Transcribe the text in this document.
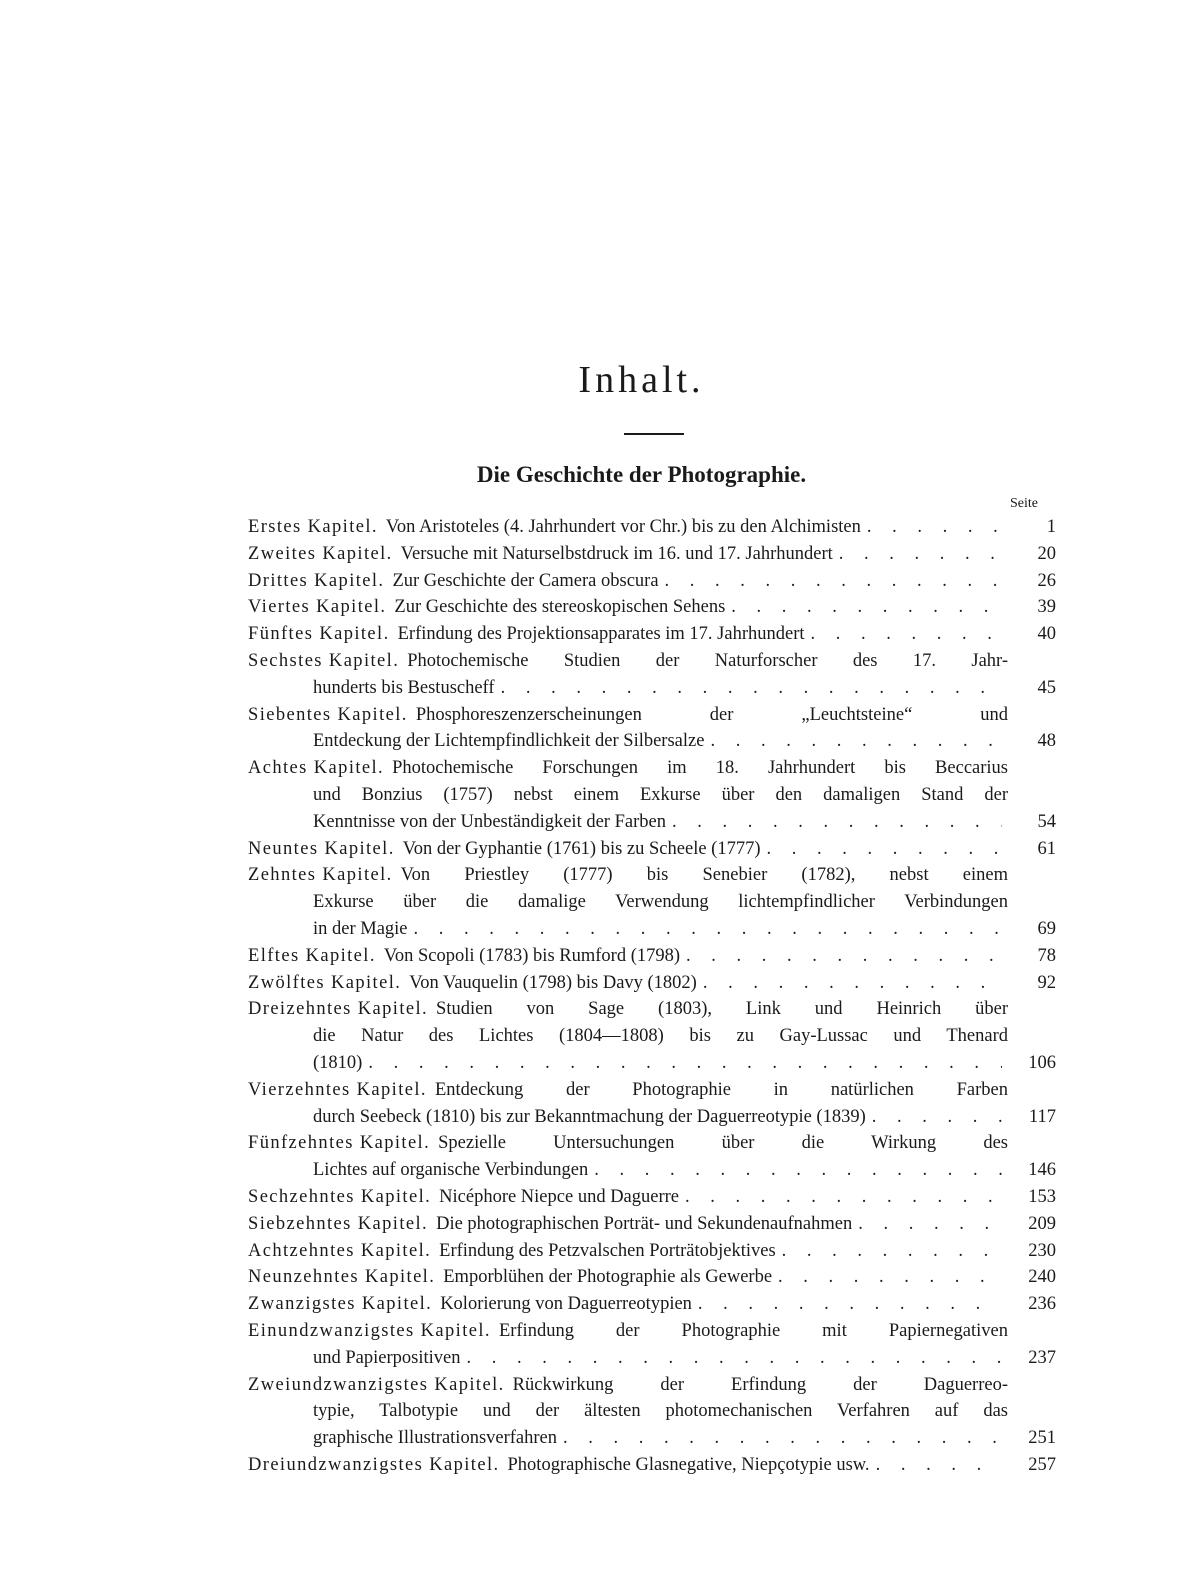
Inhalt.
Die Geschichte der Photographie.
Seite
Erstes Kapitel. Von Aristoteles (4. Jahrhundert vor Chr.) bis zu den Alchimisten . . .	1
Zweites Kapitel. Versuche mit Naturselbstdruck im 16. und 17. Jahrhundert . . .	20
Drittes Kapitel. Zur Geschichte der Camera obscura . . .	26
Viertes Kapitel. Zur Geschichte des stereoskopischen Sehens . . .	39
Fünftes Kapitel. Erfindung des Projektionsapparates im 17. Jahrhundert . . .	40
Sechstes Kapitel. Photochemische Studien der Naturforscher des 17. Jahr-
hunderts bis Bestuscheff . . .	45
Siebentes Kapitel. Phosphoreszenzerscheinungen der „Leuchtsteine“ und
Entdeckung der Lichtempfindlichkeit der Silbersalze . . .	48
Achtes Kapitel. Photochemische Forschungen im 18. Jahrhundert bis Beccarius
und Bonzius (1757) nebst einem Exkurse über den damaligen Stand der
Kenntnisse von der Unbeständigkeit der Farben . . .	54
Neuntes Kapitel. Von der Gyphantie (1761) bis zu Scheele (1777) . . .	61
Zehntes Kapitel. Von Priestley (1777) bis Senebier (1782), nebst einem
Exkurse über die damalige Verwendung lichtempfindlicher Verbindungen
in der Magie . . .	69
Elftes Kapitel. Von Scopoli (1783) bis Rumford (1798) . . .	78
Zwölftes Kapitel. Von Vauquelin (1798) bis Davy (1802) . . .	92
Dreizehntes Kapitel. Studien von Sage (1803), Link und Heinrich über
die Natur des Lichtes (1804—1808) bis zu Gay-Lussac und Thenard
(1810) . . .	106
Vierzehntes Kapitel. Entdeckung der Photographie in natürlichen Farben
durch Seebeck (1810) bis zur Bekanntmachung der Daguerreotypie (1839) . . .	117
Fünfzehntes Kapitel. Spezielle Untersuchungen über die Wirkung des
Lichtes auf organische Verbindungen . . .	146
Sechzehntes Kapitel. Nicéphore Niepce und Daguerre . . .	153
Siebzehntes Kapitel. Die photographischen Porträt- und Sekundenaufnahmen . . .	209
Achtzehntes Kapitel. Erfindung des Petzvalschen Porträtobjektives . . .	230
Neunzehntes Kapitel. Emporblühen der Photographie als Gewerbe . . .	240
Zwanzigstes Kapitel. Kolorierung von Daguerreotypien . . .	236
Einundzwanzigstes Kapitel. Erfindung der Photographie mit Papiernegativen
und Papierpositiven . . .	237
Zweiundzwanzigstes Kapitel. Rückwirkung der Erfindung der Daguerreo-
typie, Talbotypie und der ältesten photomechanischen Verfahren auf das
graphische Illustrationsverfahren . . .	251
Dreiundzwanzigstes Kapitel. Photographische Glasnegative, Niepçotypie usw. . . .	257
